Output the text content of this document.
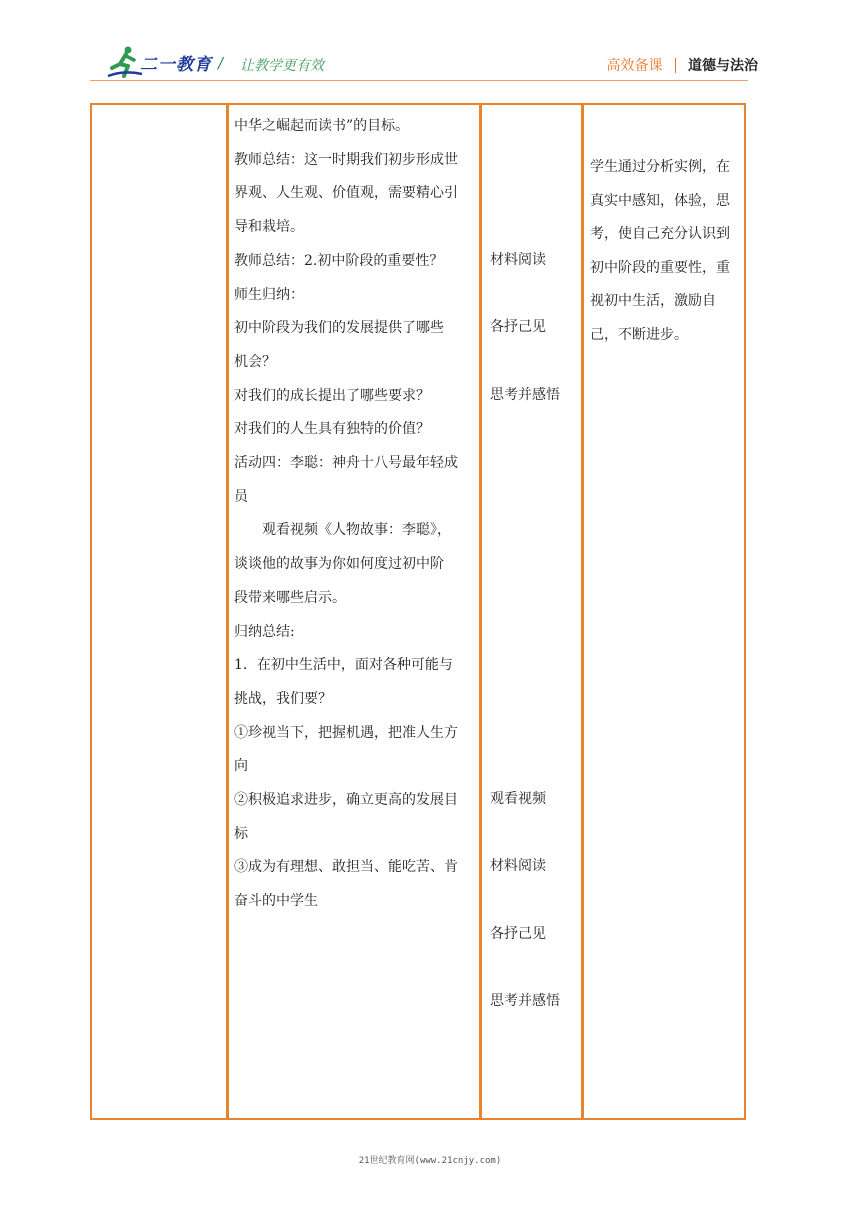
二一教育 / 让教学更有效	高效备课 道德与法治

中华之崛起而读书”的目标。

教师总结：这一时期我们初步形成世

界观、人生观、价值观，需要精心引

导和栽培。

教师总结：2.初中阶段的重要性？

师生归纳：

初中阶段为我们的发展提供了哪些

机会？

对我们的成长提出了哪些要求？

对我们的人生具有独特的价值？

活动四：李聪：神舟十八号最年轻成

员

观看视频《人物故事：李聪》，

谈谈他的故事为你如何度过初中阶

段带来哪些启示。

归纳总结:

1．在初中生活中，面对各种可能与

挑战，我们要？

①珍视当下，把握机遇，把准人生方

向

②积极追求进步，确立更高的发展目

标

③成为有理想、敢担当、能吃苦、肯

奋斗的中学生

材料阅读

各抒己见

思考并感悟

观看视频

材料阅读

各抒己见

思考并感悟

学生通过分析实例，在

真实中感知，体验，思

考，使自己充分认识到

初中阶段的重要性，重

视初中生活，激励自

己，不断进步。

21世纪教育网(www.21cnjy.com)
